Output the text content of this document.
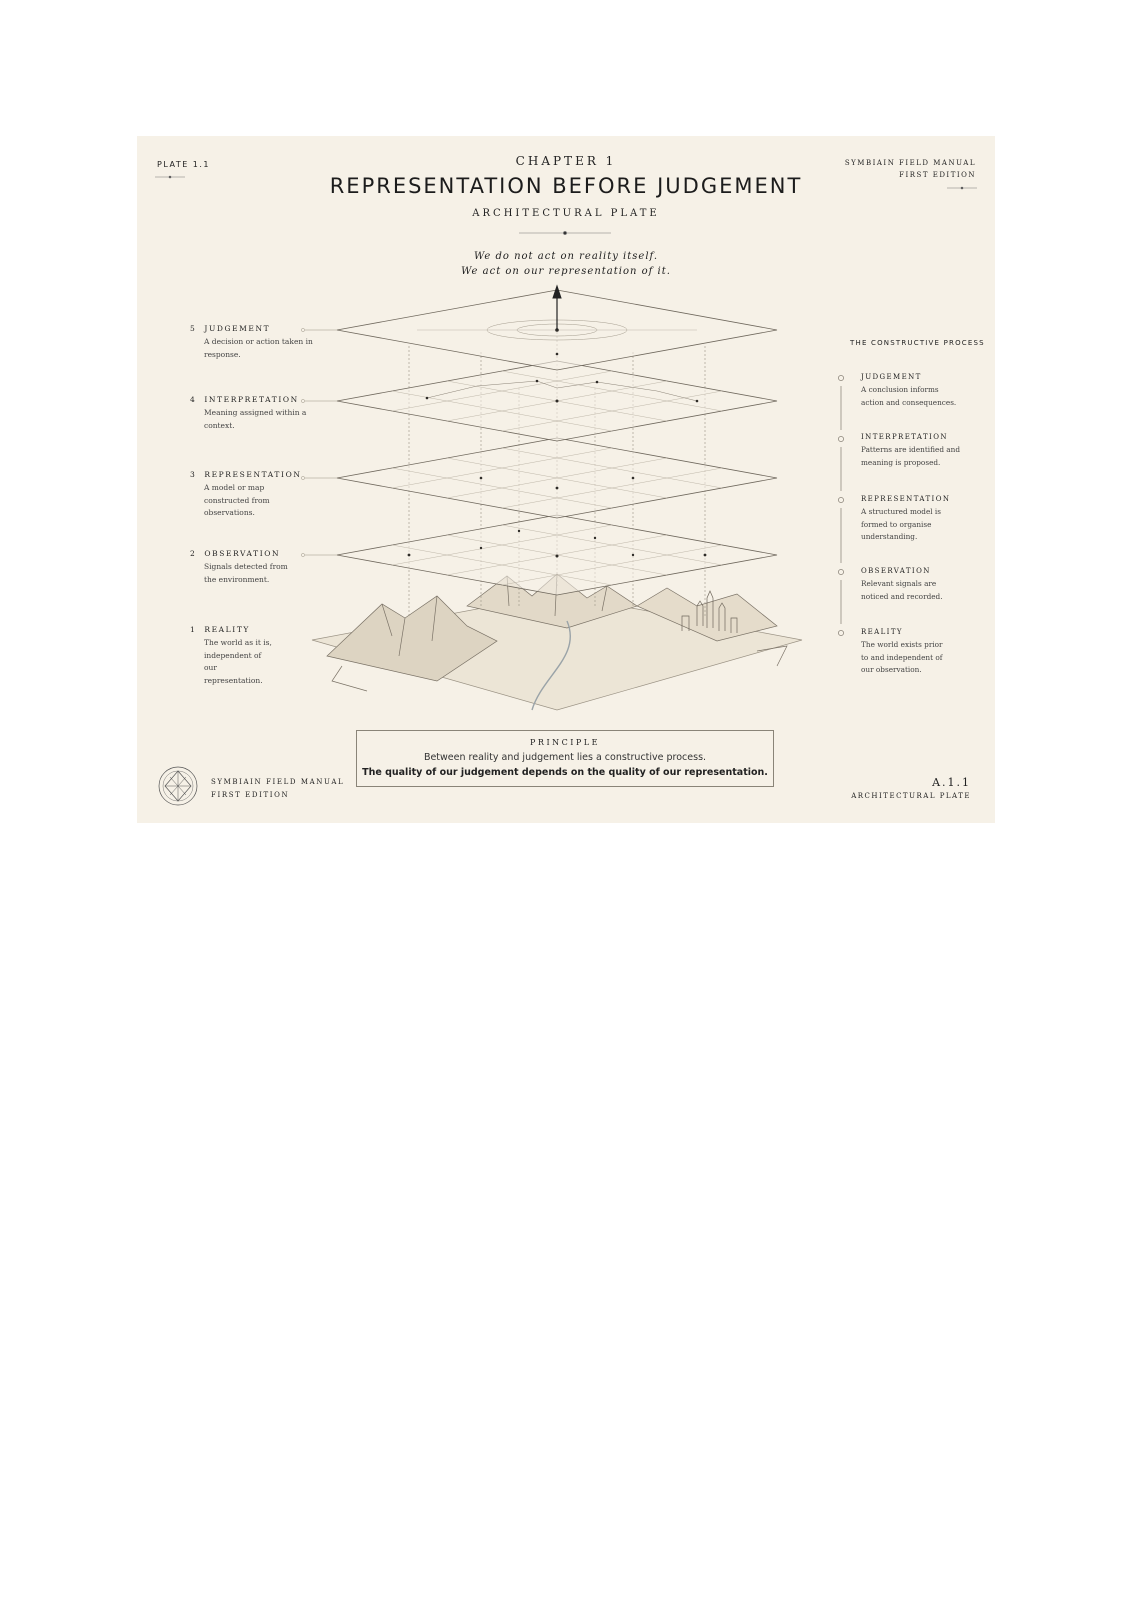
PLATE 1.1	SYMBIAIN FIELD MANUAL

FIRST EDITION

CHAPTER 1

REPRESENTATION BEFORE JUDGEMENT

ARCHITECTURAL PLATE

We do not act on reality itself.

We act on our representation of it.

5 JUDGEMENT
A decision or action taken in response.
4 INTERPRETATION
Meaning assigned within a context.
3 REPRESENTATION
A model or map constructed from observations.
2 OBSERVATION
Signals detected from the environment.
1 REALITY
The world as it is, independent of our representation.

THE CONSTRUCTIVE PROCESS

JUDGEMENT
A conclusion informs action and consequences.
INTERPRETATION
Patterns are identified and meaning is proposed.
REPRESENTATION
A structured model is formed to organise understanding.
OBSERVATION
Relevant signals are noticed and recorded.
REALITY
The world exists prior to and independent of our observation.
PRINCIPLE
Between reality and judgement lies a constructive process.
The quality of our judgement depends on the quality of our representation.

SYMBIAIN FIELD MANUAL

FIRST EDITION

A.1.1

ARCHITECTURAL PLATE
